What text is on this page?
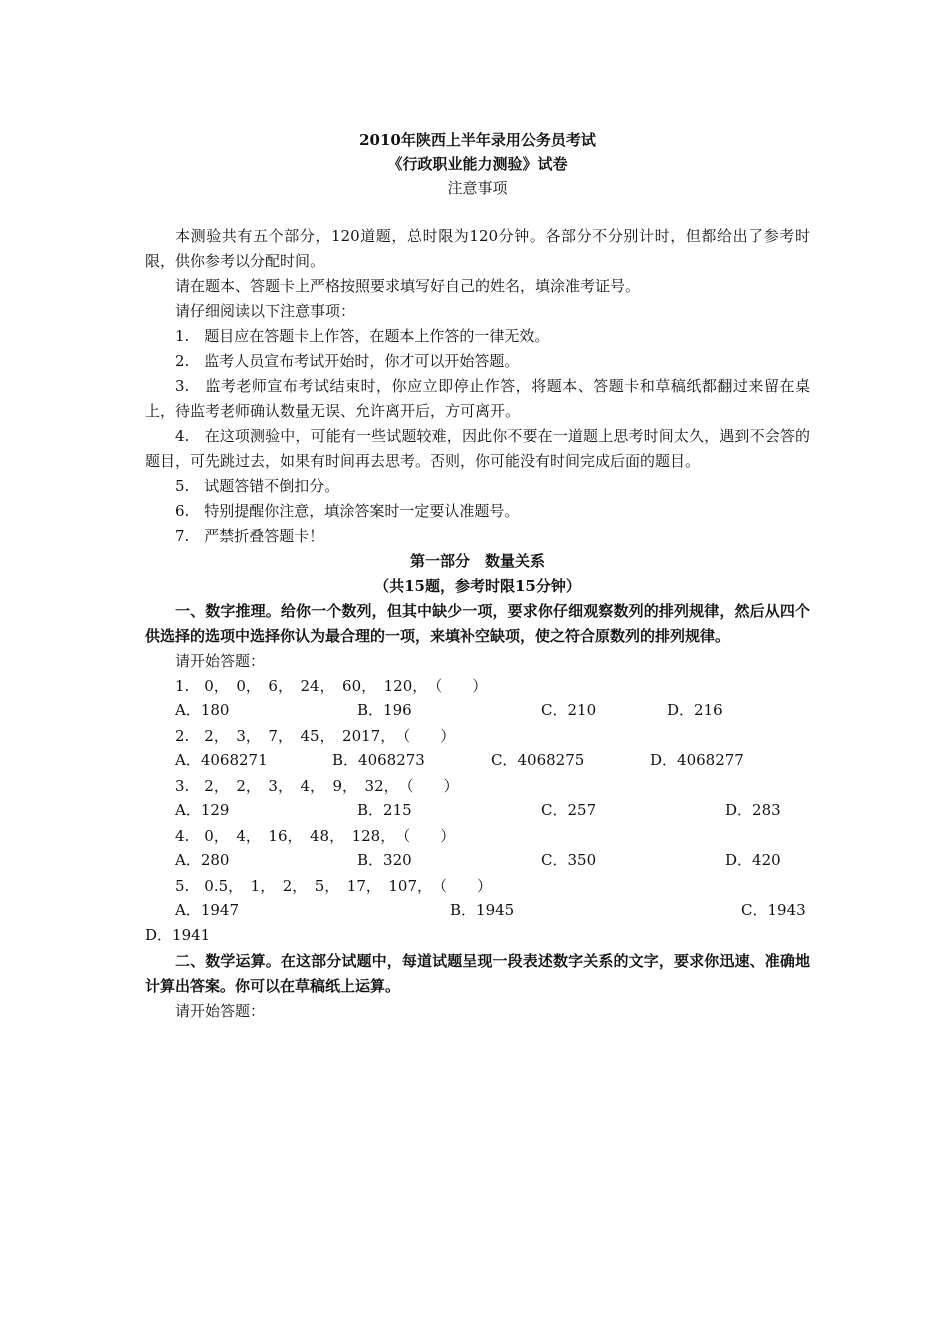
2010年陕西上半年录用公务员考试

《行政职业能力测验》试卷

注意事项

本测验共有五个部分，120道题，总时限为120分钟。各部分不分别计时，但都给出了参考时限，供你参考以分配时间。

请在题本、答题卡上严格按照要求填写好自己的姓名，填涂准考证号。

请仔细阅读以下注意事项：

1.　题目应在答题卡上作答，在题本上作答的一律无效。

2.　监考人员宣布考试开始时，你才可以开始答题。

3.　监考老师宣布考试结束时，你应立即停止作答，将题本、答题卡和草稿纸都翻过来留在桌上，待监考老师确认数量无误、允许离开后，方可离开。

4.　在这项测验中，可能有一些试题较难，因此你不要在一道题上思考时间太久，遇到不会答的题目，可先跳过去，如果有时间再去思考。否则，你可能没有时间完成后面的题目。

5.　试题答错不倒扣分。

6.　特别提醒你注意，填涂答案时一定要认准题号。

7.　严禁折叠答题卡！

第一部分　数量关系

（共15题，参考时限15分钟）

一、数字推理。给你一个数列，但其中缺少一项，要求你仔细观察数列的排列规律，然后从四个供选择的选项中选择你认为最合理的一项，来填补空缺项，使之符合原数列的排列规律。

请开始答题：

1.　0，　0，　6，　24，　60，　120，　（　　）

A．180	B．196	C．210	D．216

2.　2，　3，　7，　45，　2017，　（　　）

A．4068271	B．4068273	C．4068275	D．4068277

3.　2，　2，　3，　4，　9，　32，　（　　）

A．129	B．215	C．257	D．283

4.　0，　4，　16，　48，　128，　（　　）

A．280	B．320	C．350	D．420

5.　0.5，　1，　2，　5，　17，　107，　（　　）

A．1947	B．1945	C．1943
D．1941

二、数学运算。在这部分试题中，每道试题呈现一段表述数字关系的文字，要求你迅速、准确地计算出答案。你可以在草稿纸上运算。

请开始答题：
